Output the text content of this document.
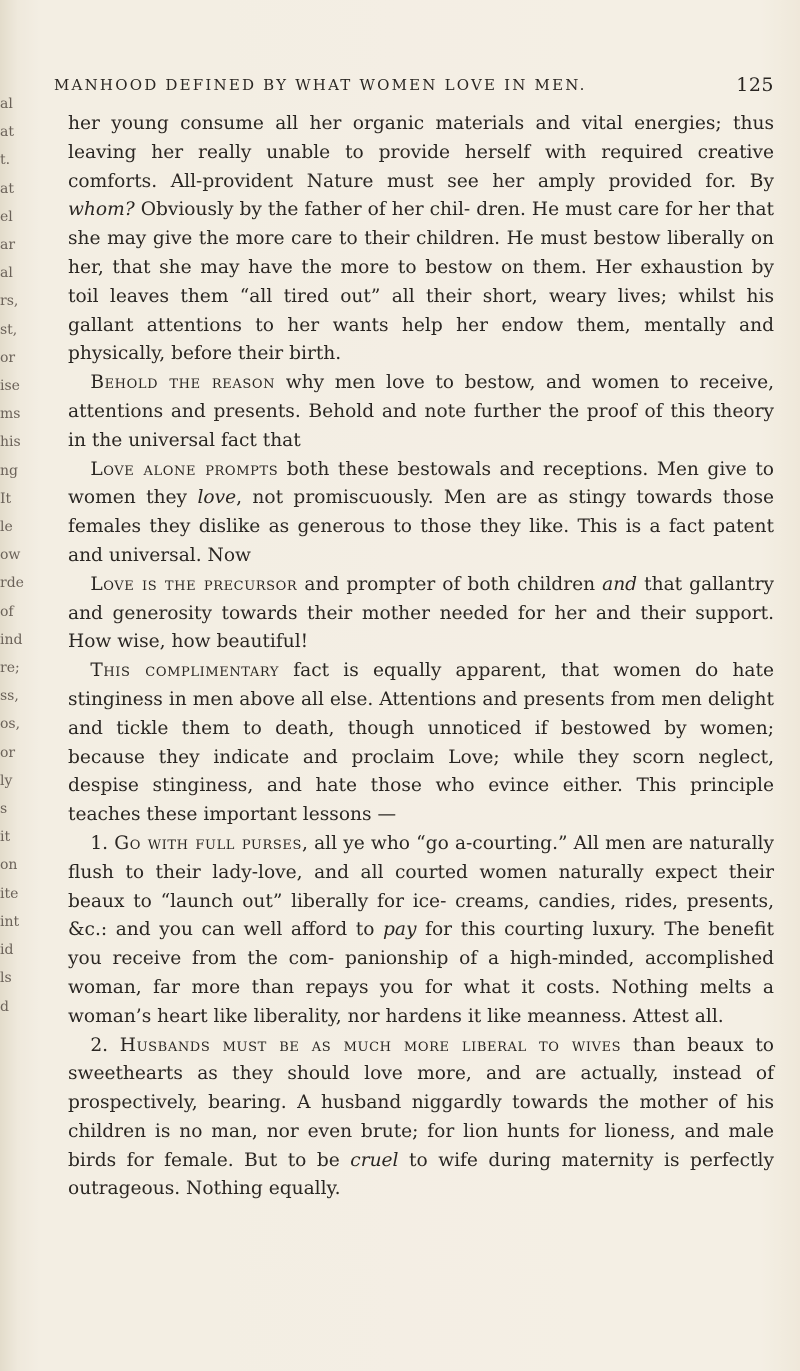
al
at
t.
at
el
ar
al
rs,
st,
or
ise
ms
his
ng
It
le
ow
rde
of
ind
re;
ss,
os,
or
ly
s
it
on
ite
int
id
ls
d
MANHOOD DEFINED BY WHAT WOMEN LOVE IN MEN.	125

her young consume all her organic materials and vital energies; thus leaving her really unable to provide herself with required creative comforts. All-provident Nature must see her amply provided for. By whom? Obviously by the father of her chil- dren. He must care for her that she may give the more care to their children. He must bestow liberally on her, that she may have the more to bestow on them. Her exhaustion by toil leaves them “all tired out” all their short, weary lives; whilst his gallant attentions to her wants help her endow them, mentally and physically, before their birth.

Behold the reason why men love to bestow, and women to receive, attentions and presents. Behold and note further the proof of this theory in the universal fact that

Love alone prompts both these bestowals and receptions. Men give to women they love, not promiscuously. Men are as stingy towards those females they dislike as generous to those they like. This is a fact patent and universal. Now

Love is the precursor and prompter of both children and that gallantry and generosity towards their mother needed for her and their support. How wise, how beautiful!

This complimentary fact is equally apparent, that women do hate stinginess in men above all else. Attentions and presents from men delight and tickle them to death, though unnoticed if bestowed by women; because they indicate and proclaim Love; while they scorn neglect, despise stinginess, and hate those who evince either. This principle teaches these important lessons —

1. Go with full purses, all ye who “go a-courting.” All men are naturally flush to their lady-love, and all courted women naturally expect their beaux to “launch out” liberally for ice- creams, candies, rides, presents, &c.: and you can well afford to pay for this courting luxury. The benefit you receive from the com- panionship of a high-minded, accomplished woman, far more than repays you for what it costs. Nothing melts a woman’s heart like liberality, nor hardens it like meanness. Attest all.

2. Husbands must be as much more liberal to wives than beaux to sweethearts as they should love more, and are actually, instead of prospectively, bearing. A husband niggardly towards the mother of his children is no man, nor even brute; for lion hunts for lioness, and male birds for female. But to be cruel to wife during maternity is perfectly outrageous. Nothing equally.
